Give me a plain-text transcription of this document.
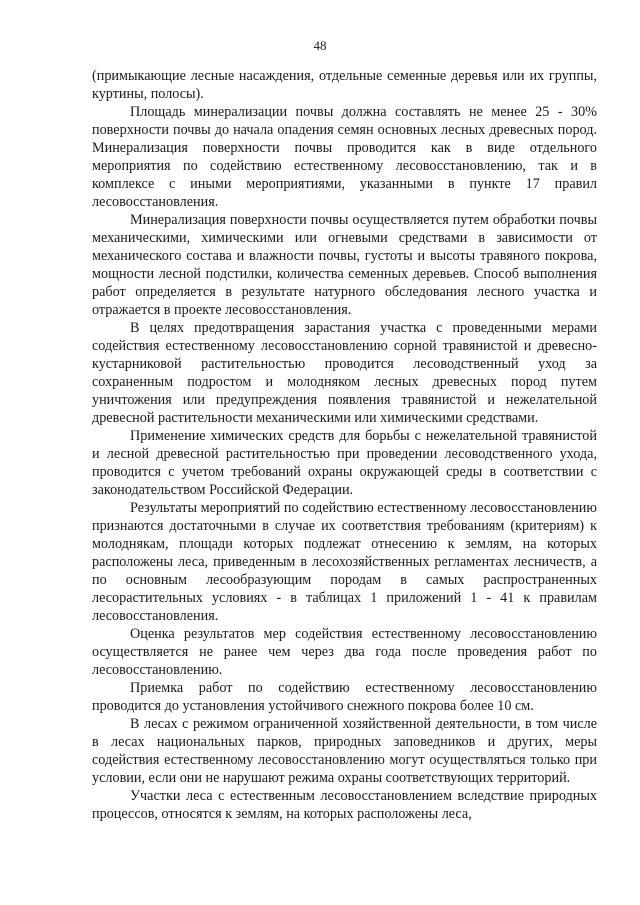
48

(примыкающие лесные насаждения, отдельные семенные деревья или их группы, куртины, полосы).

Площадь минерализации почвы должна составлять не менее 25 - 30% поверхности почвы до начала опадения семян основных лесных древесных пород. Минерализация поверхности почвы проводится как в виде отдельного мероприятия по содействию естественному лесовосстановлению, так и в комплексе с иными мероприятиями, указанными в пункте 17 правил лесовосстановления.

Минерализация поверхности почвы осуществляется путем обработки почвы механическими, химическими или огневыми средствами в зависимости от механического состава и влажности почвы, густоты и высоты травяного покрова, мощности лесной подстилки, количества семенных деревьев. Способ выполнения работ определяется в результате натурного обследования лесного участка и отражается в проекте лесовосстановления.

В целях предотвращения зарастания участка с проведенными мерами содействия естественному лесовосстановлению сорной травянистой и древесно-кустарниковой растительностью проводится лесоводственный уход за сохраненным подростом и молодняком лесных древесных пород путем уничтожения или предупреждения появления травянистой и нежелательной древесной растительности механическими или химическими средствами.

Применение химических средств для борьбы с нежелательной травянистой и лесной древесной растительностью при проведении лесоводственного ухода, проводится с учетом требований охраны окружающей среды в соответствии с законодательством Российской Федерации.

Результаты мероприятий по содействию естественному лесовосстановлению признаются достаточными в случае их соответствия требованиям (критериям) к молоднякам, площади которых подлежат отнесению к землям, на которых расположены леса, приведенным в лесохозяйственных регламентах лесничеств, а по основным лесообразующим породам в самых распространенных лесорастительных условиях - в таблицах 1 приложений 1 - 41 к правилам лесовосстановления.

Оценка результатов мер содействия естественному лесовосстановлению осуществляется не ранее чем через два года после проведения работ по лесовосстановлению.

Приемка работ по содействию естественному лесовосстановлению проводится до установления устойчивого снежного покрова более 10 см.

В лесах с режимом ограниченной хозяйственной деятельности, в том числе в лесах национальных парков, природных заповедников и других, меры содействия естественному лесовосстановлению могут осуществляться только при условии, если они не нарушают режима охраны соответствующих территорий.

Участки леса с естественным лесовосстановлением вследствие природных процессов, относятся к землям, на которых расположены леса,
